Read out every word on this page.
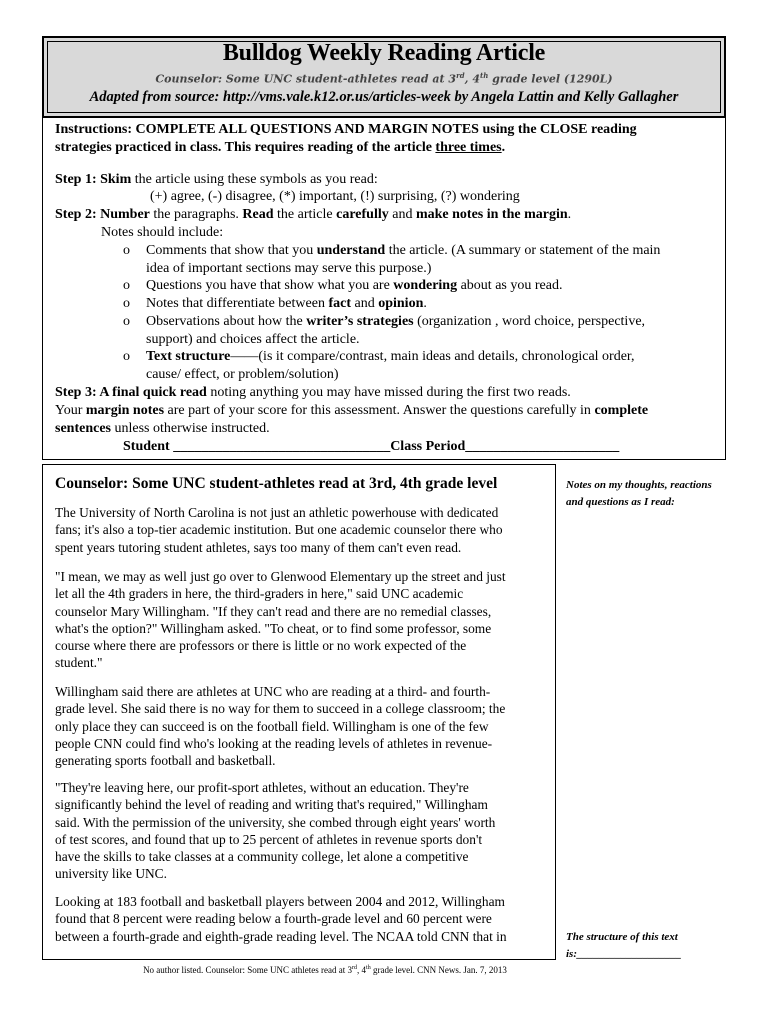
Bulldog Weekly Reading Article
Counselor: Some UNC student-athletes read at 3rd, 4th grade level (1290L)
Adapted from source: http://vms.vale.k12.or.us/articles-week by Angela Lattin and Kelly Gallagher
Instructions: COMPLETE ALL QUESTIONS AND MARGIN NOTES using the CLOSE reading
strategies practiced in class. This requires reading of the article three times.
Step 1: Skim the article using these symbols as you read:
(+) agree, (-) disagree, (*) important, (!) surprising, (?) wondering
Step 2: Number the paragraphs. Read the article carefully and make notes in the margin.
Notes should include:
o Comments that show that you understand the article. (A summary or statement of the main
idea of important sections may serve this purpose.)
o Questions you have that show what you are wondering about as you read.
o Notes that differentiate between fact and opinion.
o Observations about how the writer’s strategies (organization , word choice, perspective,
support) and choices affect the article.
o Text structure——(is it compare/contrast, main ideas and details, chronological order,
cause/ effect, or problem/solution)
Step 3: A final quick read noting anything you may have missed during the first two reads.
Your margin notes are part of your score for this assessment. Answer the questions carefully in complete
sentences unless otherwise instructed.
Student _______________________________Class Period______________________
Counselor: Some UNC student-athletes read at 3rd, 4th grade level
The University of North Carolina is not just an athletic powerhouse with dedicated
fans; it's also a top-tier academic institution. But one academic counselor there who
spent years tutoring student athletes, says too many of them can't even read.
"I mean, we may as well just go over to Glenwood Elementary up the street and just
let all the 4th graders in here, the third-graders in here," said UNC academic
counselor Mary Willingham. "If they can't read and there are no remedial classes,
what's the option?" Willingham asked. "To cheat, or to find some professor, some
course where there are professors or there is little or no work expected of the
student."
Willingham said there are athletes at UNC who are reading at a third- and fourth-
grade level. She said there is no way for them to succeed in a college classroom; the
only place they can succeed is on the football field. Willingham is one of the few
people CNN could find who's looking at the reading levels of athletes in revenue-
generating sports football and basketball.
"They're leaving here, our profit-sport athletes, without an education. They're
significantly behind the level of reading and writing that's required," Willingham
said. With the permission of the university, she combed through eight years' worth
of test scores, and found that up to 25 percent of athletes in revenue sports don't
have the skills to take classes at a community college, let alone a competitive
university like UNC.
Looking at 183 football and basketball players between 2004 and 2012, Willingham
found that 8 percent were reading below a fourth-grade level and 60 percent were
between a fourth-grade and eighth-grade reading level. The NCAA told CNN that in
Notes on my thoughts, reactions and questions as I read:
The structure of this text
is:___________________
No author listed. Counselor: Some UNC athletes read at 3rd, 4th grade level. CNN News. Jan. 7, 2013
